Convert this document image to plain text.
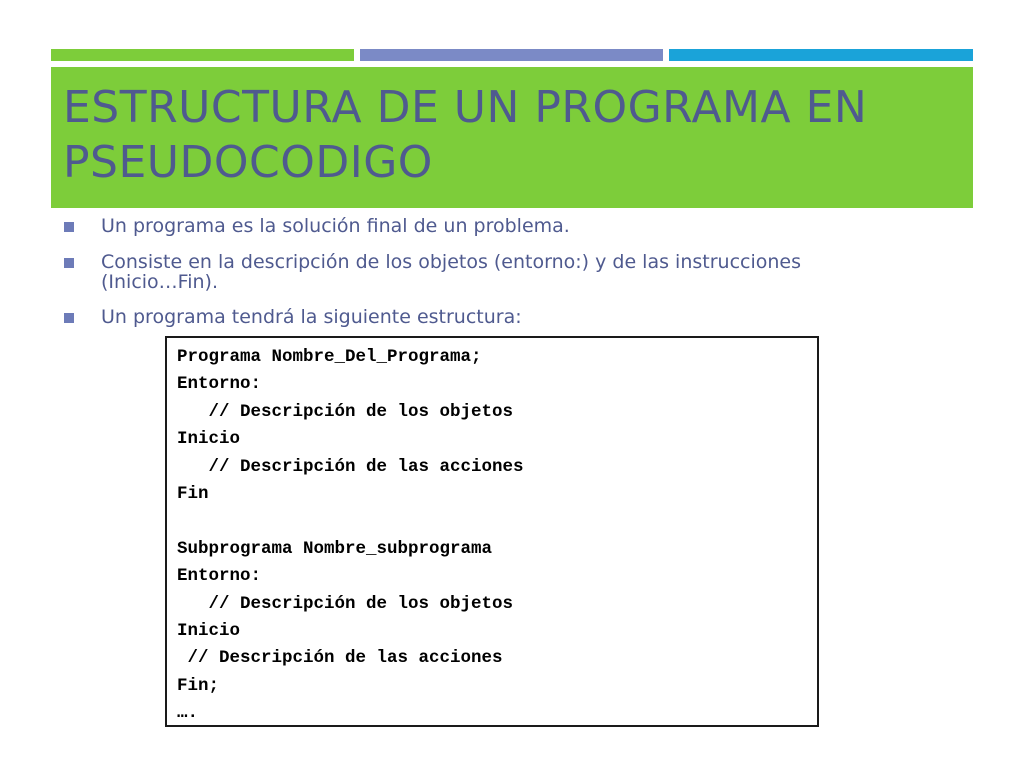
ESTRUCTURA DE UN PROGRAMA EN
PSEUDOCODIGO
Un programa es la solución final de un problema.
Consiste en la descripción de los objetos (entorno:) y de las instrucciones
(Inicio…Fin).
Un programa tendrá la siguiente estructura:
Programa Nombre_Del_Programa;
Entorno:
// Descripción de los objetos
Inicio
// Descripción de las acciones
Fin
Subprograma Nombre_subprograma
Entorno:
// Descripción de los objetos
Inicio
// Descripción de las acciones
Fin;
….
